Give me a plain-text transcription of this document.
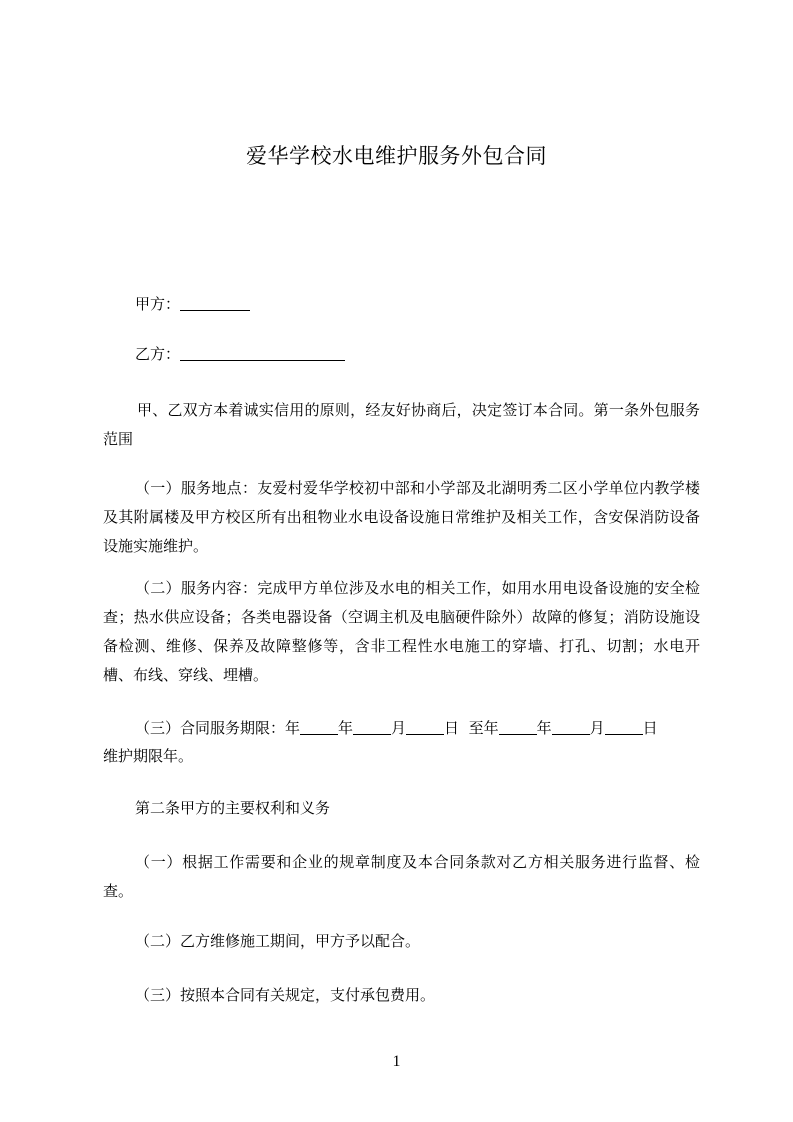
爱华学校水电维护服务外包合同
甲方：
乙方：
甲、乙双方本着诚实信用的原则，经友好协商后，决定签订本合同。第一条外包服务范围
（一）服务地点：友爱村爱华学校初中部和小学部及北湖明秀二区小学单位内教学楼及其附属楼及甲方校区所有出租物业水电设备设施日常维护及相关工作，含安保消防设备设施实施维护。
（二）服务内容：完成甲方单位涉及水电的相关工作，如用水用电设备设施的安全检查；热水供应设备；各类电器设备（空调主机及电脑硬件除外）故障的修复；消防设施设备检测、维修、保养及故障整修等，含非工程性水电施工的穿墙、打孔、切割；水电开槽、布线、穿线、埋槽。
（三）合同服务期限：年	年	月	日 至年	年	月	日
维护期限年。
第二条甲方的主要权利和义务
（一）根据工作需要和企业的规章制度及本合同条款对乙方相关服务进行监督、检查。
（二）乙方维修施工期间，甲方予以配合。
（三）按照本合同有关规定，支付承包费用。
1
